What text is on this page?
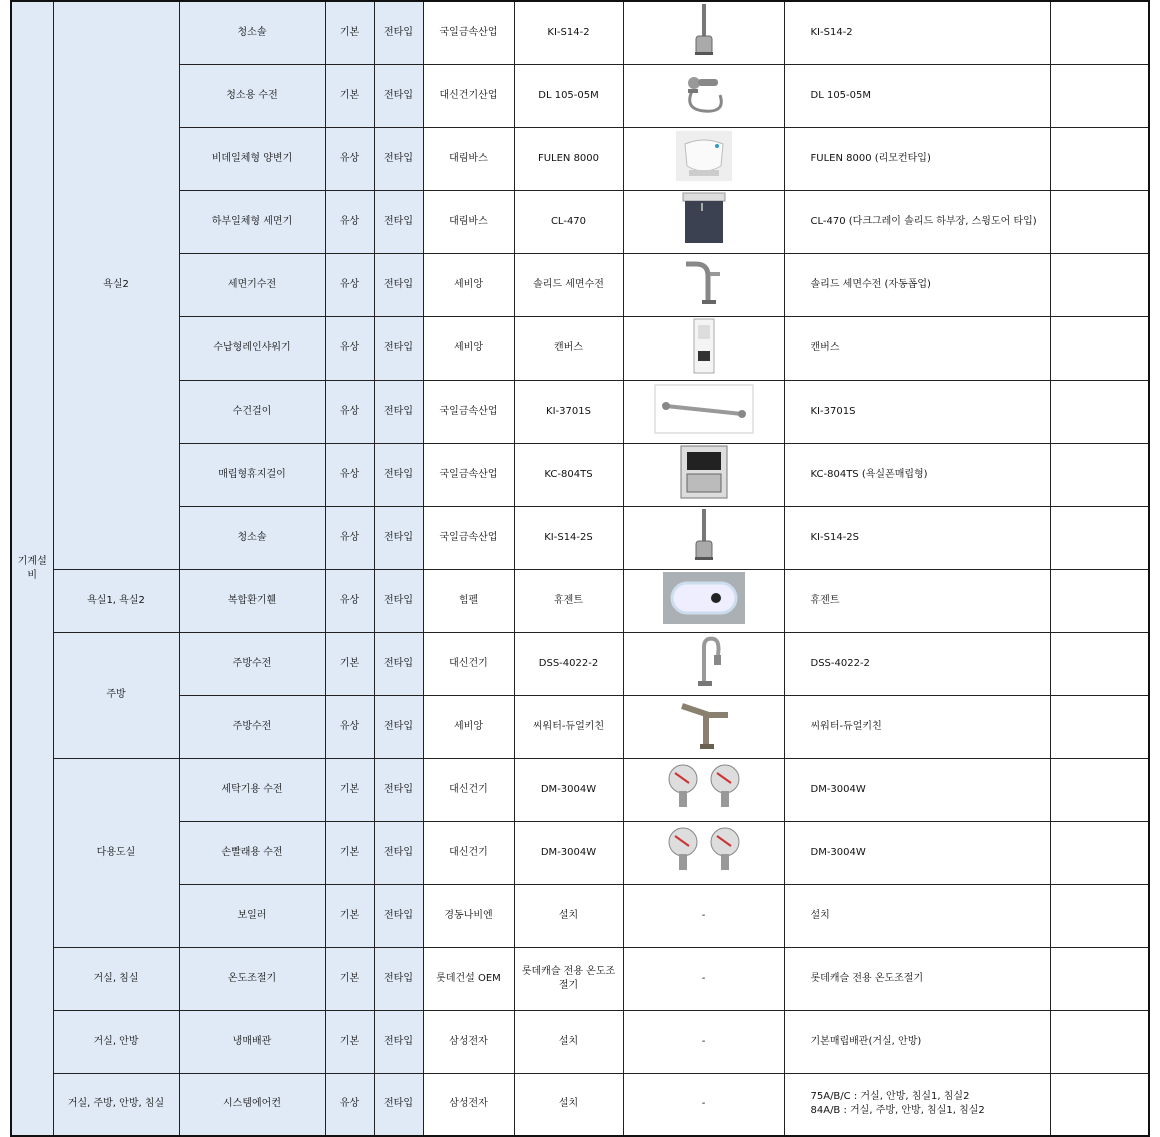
기계설비	욕실2	청소솔	기본	전타입	국일금속산업	KI-S14-2		KI-S14-2	
		청소용 수전	기본	전타입	대신건기산업	DL 105-05M		DL 105-05M	
		비데일체형 양변기	유상	전타입	대림바스	FULEN 8000		FULEN 8000 (리모컨타입)	
		하부일체형 세면기	유상	전타입	대림바스	CL-470		CL-470 (다크그레이 솔리드 하부장, 스윙도어 타입)	
		세면기수전	유상	전타입	세비앙	솔리드 세면수전		솔리드 세면수전 (자동폽업)	
		수납형레인샤워기	유상	전타입	세비앙	캔버스		캔버스	
		수건걸이	유상	전타입	국일금속산업	KI-3701S		KI-3701S	
		매립형휴지걸이	유상	전타입	국일금속산업	KC-804TS		KC-804TS (욕실폰매립형)	
		청소솔	유상	전타입	국일금속산업	KI-S14-2S		KI-S14-2S	
	욕실1, 욕실2	복합환기휀	유상	전타입	힘펠	휴젠트		휴젠트	
	주방	주방수전	기본	전타입	대신건기	DSS-4022-2		DSS-4022-2	
		주방수전	유상	전타입	세비앙	씨워터-듀얼키친		씨워터-듀얼키친	
	다용도실	세탁기용 수전	기본	전타입	대신건기	DM-3004W		DM-3004W	
		손빨래용 수전	기본	전타입	대신건기	DM-3004W		DM-3004W	
		보일러	기본	전타입	경동나비엔	설치	-	설치	
	거실, 침실	온도조절기	기본	전타입	롯데건설 OEM	롯데캐슬 전용 온도조절기	-	롯데캐슬 전용 온도조절기	
	거실, 안방	냉매배관	기본	전타입	삼성전자	설치	-	기본매립배관(거실, 안방)	
	거실, 주방, 안방, 침실	시스템에어컨	유상	전타입	삼성전자	설치	-	75A/B/C : 거실, 안방, 침실1, 침실2
84A/B : 거실, 주방, 안방, 침실1, 침실2	
